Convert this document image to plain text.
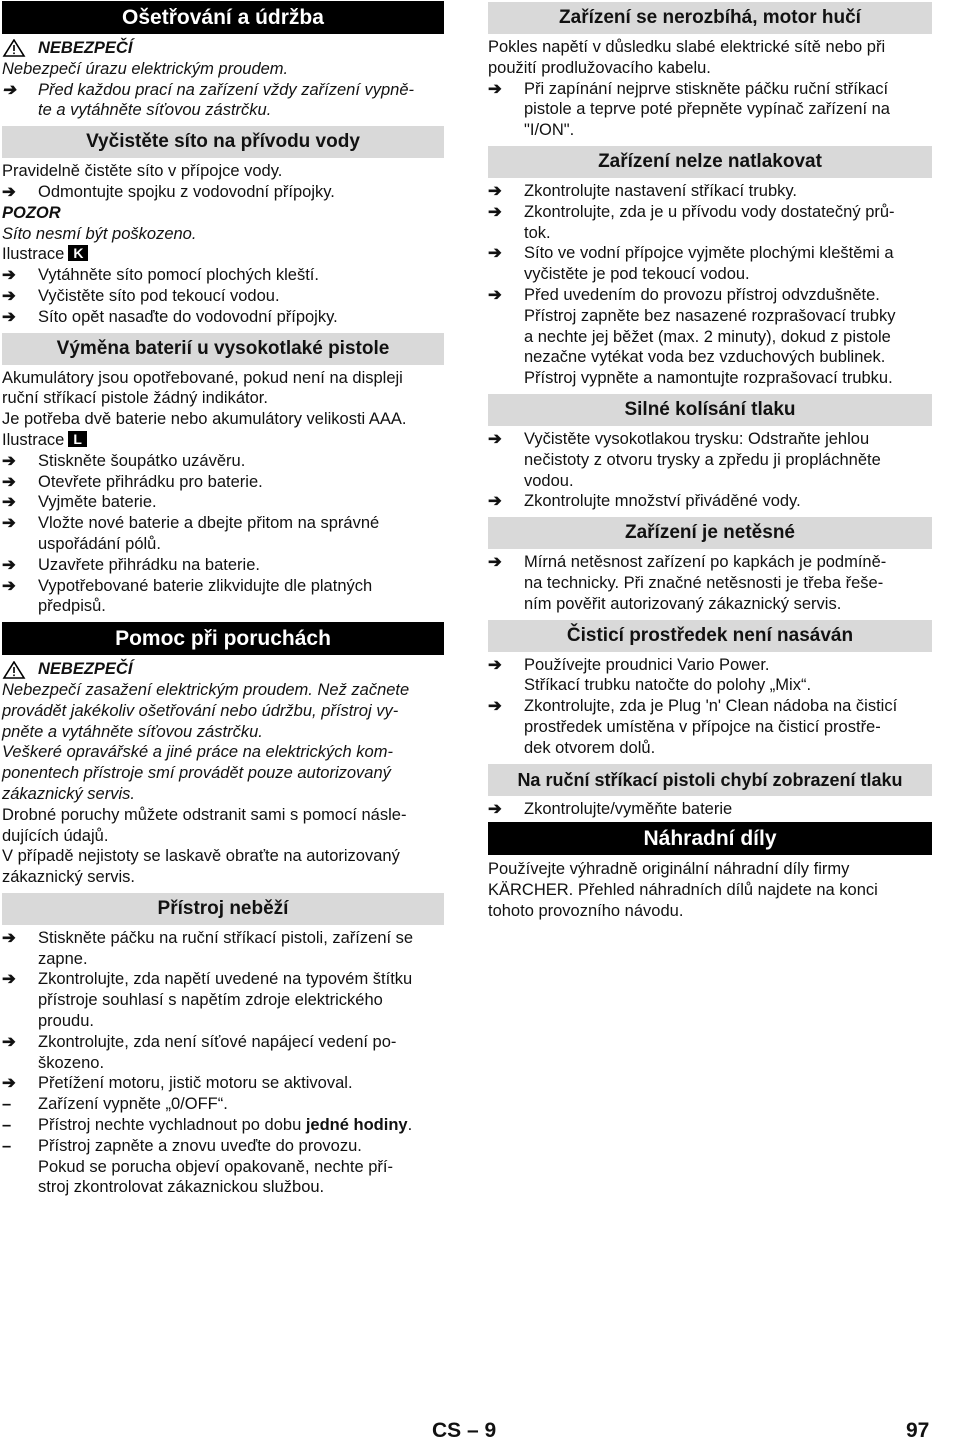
Ošetřování a údržba
NEBEZPEČÍ

Nebezpečí úrazu elektrickým proudem.

➔	Před každou prací na zařízení vždy zařízení vypně-
te a vytáhněte síťovou zástrčku.
Vyčistěte síto na přívodu vody

Pravidelně čistěte síto v přípojce vody.

➔	Odmontujte spojku z vodovodní přípojky.

POZOR

Síto nesmí být poškozeno.

Ilustrace K

➔	Vytáhněte síto pomocí plochých kleští.
➔	Vyčistěte síto pod tekoucí vodou.
➔	Síto opět nasaďte do vodovodní přípojky.
Výměna baterií u vysokotlaké pistole

Akumulátory jsou opotřebované, pokud není na displeji

ruční stříkací pistole žádný indikátor.

Je potřeba dvě baterie nebo akumulátory velikosti AAA.

Ilustrace L

➔	Stiskněte šoupátko uzávěru.
➔	Otevřete přihrádku pro baterie.
➔	Vyjměte baterie.
➔	Vložte nové baterie a dbejte přitom na správné
uspořádání pólů.
➔	Uzavřete přihrádku na baterie.
➔	Vypotřebované baterie zlikvidujte dle platných
předpisů.
Pomoc při poruchách
NEBEZPEČÍ

Nebezpečí zasažení elektrickým proudem. Než začnete

provádět jakékoliv ošetřování nebo údržbu, přístroj vy-

pněte a vytáhněte síťovou zástrčku.

Veškeré opravářské a jiné práce na elektrických kom-

ponentech přístroje smí provádět pouze autorizovaný

zákaznický servis.

Drobné poruchy můžete odstranit sami s pomocí násle-

dujících údajů.

V případě nejistoty se laskavě obraťte na autorizovaný

zákaznický servis.

Přístroj neběží
➔	Stiskněte páčku na ruční stříkací pistoli, zařízení se
zapne.
➔	Zkontrolujte, zda napětí uvedené na typovém štítku
přístroje souhlasí s napětím zdroje elektrického
proudu.
➔	Zkontrolujte, zda není síťové napájecí vedení po-
škozeno.
➔	Přetížení motoru, jistič motoru se aktivoval.
–	Zařízení vypněte „0/OFF“.
–	Přístroj nechte vychladnout po dobu jedné hodiny.
–	Přístroj zapněte a znovu uveďte do provozu.
Pokud se porucha objeví opakovaně, nechte pří-
stroj zkontrolovat zákaznickou službou.
Zařízení se nerozbíhá, motor hučí

Pokles napětí v důsledku slabé elektrické sítě nebo při

použití prodlužovacího kabelu.

➔	Při zapínání nejprve stiskněte páčku ruční stříkací
pistole a teprve poté přepněte vypínač zařízení na
"I/ON".
Zařízení nelze natlakovat
➔	Zkontrolujte nastavení stříkací trubky.
➔	Zkontrolujte, zda je u přívodu vody dostatečný prů-
tok.
➔	Síto ve vodní přípojce vyjměte plochými kleštěmi a
vyčistěte je pod tekoucí vodou.
➔	Před uvedením do provozu přístroj odvzdušněte.
Přístroj zapněte bez nasazené rozprašovací trubky
a nechte jej běžet (max. 2 minuty), dokud z pistole
nezačne vytékat voda bez vzduchových bublinek.
Přístroj vypněte a namontujte rozprašovací trubku.
Silné kolísání tlaku
➔	Vyčistěte vysokotlakou trysku: Odstraňte jehlou
nečistoty z otvoru trysky a zpředu ji propláchněte
vodou.
➔	Zkontrolujte množství přiváděné vody.
Zařízení je netěsné
➔	Mírná netěsnost zařízení po kapkách je podmíně-
na technicky. Při značné netěsnosti je třeba řeše-
ním pověřit autorizovaný zákaznický servis.
Čisticí prostředek není nasáván
➔	Používejte proudnici Vario Power.
Stříkací trubku natočte do polohy „Mix“.
➔	Zkontrolujte, zda je Plug 'n' Clean nádoba na čisticí
prostředek umístěna v přípojce na čisticí prostře-
dek otvorem dolů.
Na ruční stříkací pistoli chybí zobrazení tlaku
➔	Zkontrolujte/vyměňte baterie
Náhradní díly

Používejte výhradně originální náhradní díly firmy

KÄRCHER. Přehled náhradních dílů najdete na konci

tohoto provozního návodu.

CS – 9	97
